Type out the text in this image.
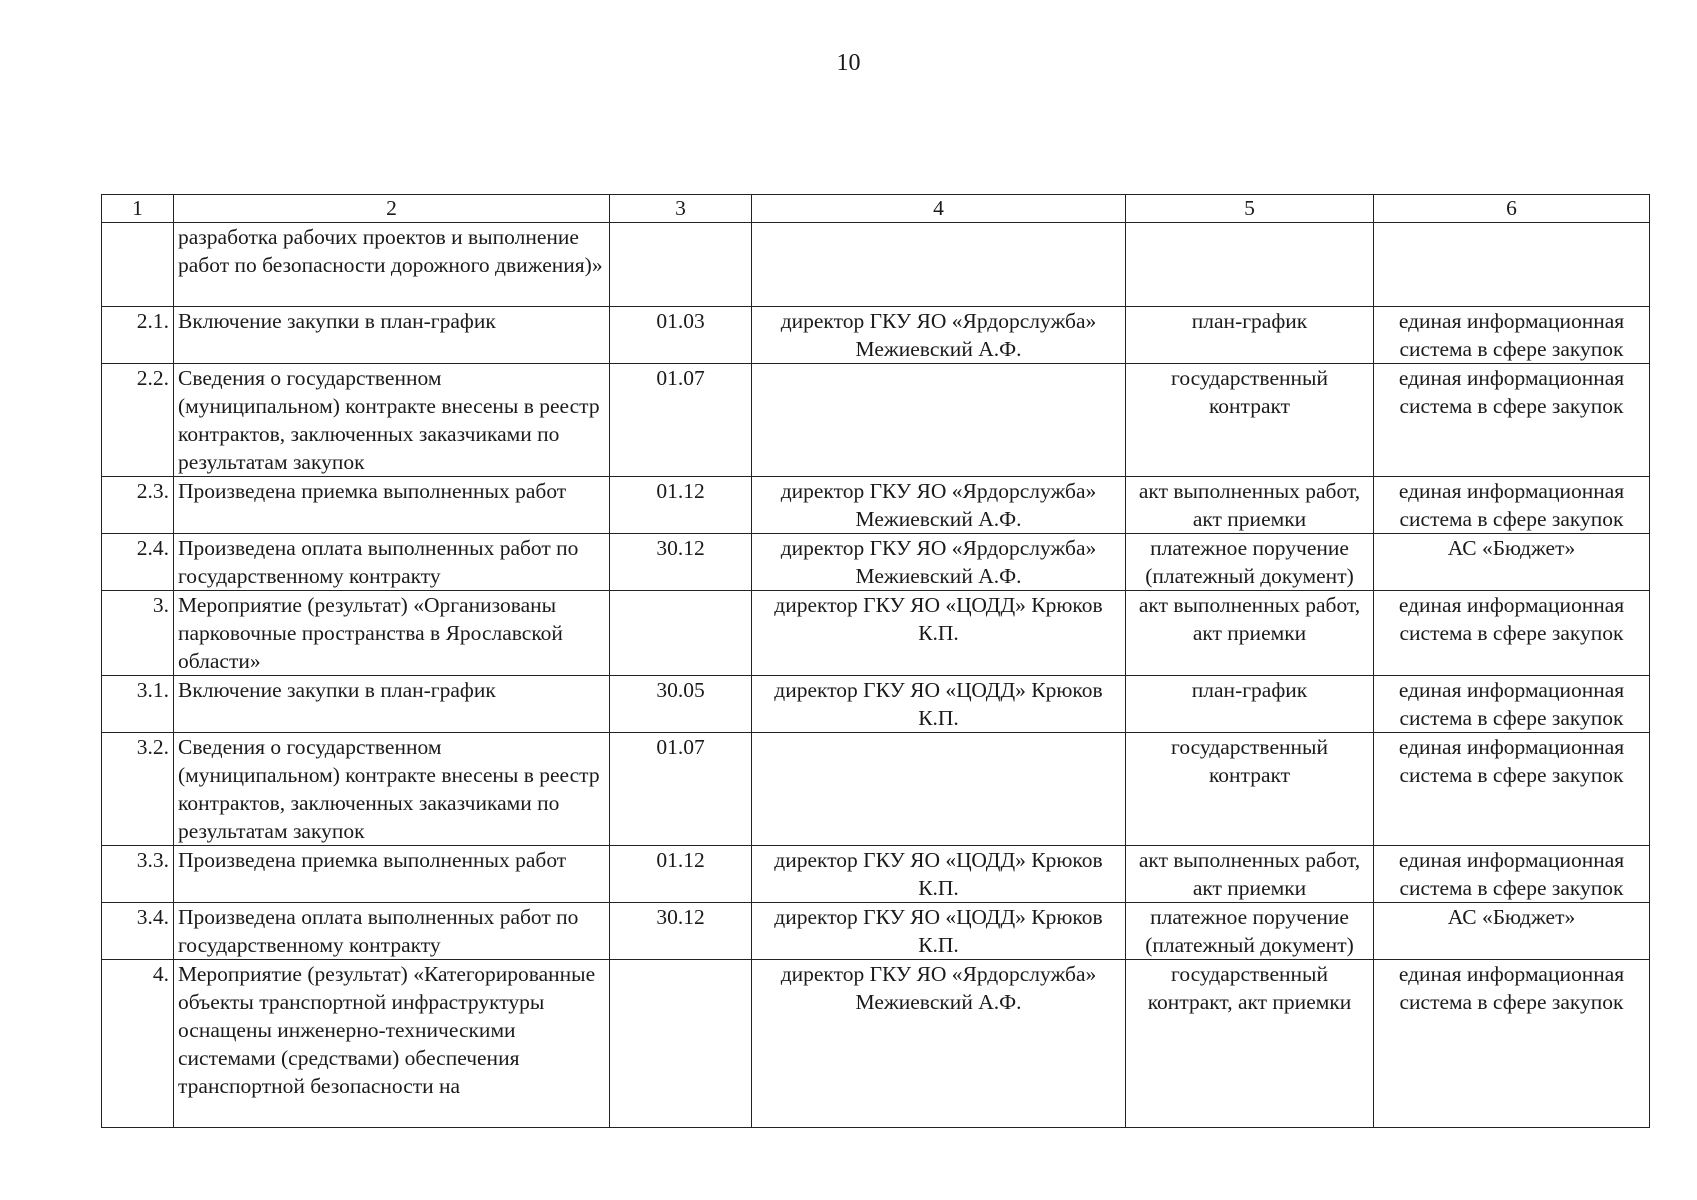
10
1	2	3	4	5	6
	разработка рабочих проектов и выполнение работ по безопасности дорожного движения)»				
2.1.	Включение закупки в план-график	01.03	директор ГКУ ЯО «Ярдорслужба» Межиевский А.Ф.	план-график	единая информационная система в сфере закупок
2.2.	Сведения о государственном (муниципальном) контракте внесены в реестр контрактов, заключенных заказчиками по результатам закупок	01.07		государственный контракт	единая информационная система в сфере закупок
2.3.	Произведена приемка выполненных работ	01.12	директор ГКУ ЯО «Ярдорслужба» Межиевский А.Ф.	акт выполненных работ, акт приемки	единая информационная система в сфере закупок
2.4.	Произведена оплата выполненных работ по государственному контракту	30.12	директор ГКУ ЯО «Ярдорслужба» Межиевский А.Ф.	платежное поручение (платежный документ)	АС «Бюджет»
3.	Мероприятие (результат) «Организованы парковочные пространства в Ярославской области»		директор ГКУ ЯО «ЦОДД» Крюков К.П.	акт выполненных работ, акт приемки	единая информационная система в сфере закупок
3.1.	Включение закупки в план-график	30.05	директор ГКУ ЯО «ЦОДД» Крюков К.П.	план-график	единая информационная система в сфере закупок
3.2.	Сведения о государственном (муниципальном) контракте внесены в реестр контрактов, заключенных заказчиками по результатам закупок	01.07		государственный контракт	единая информационная система в сфере закупок
3.3.	Произведена приемка выполненных работ	01.12	директор ГКУ ЯО «ЦОДД» Крюков К.П.	акт выполненных работ, акт приемки	единая информационная система в сфере закупок
3.4.	Произведена оплата выполненных работ по государственному контракту	30.12	директор ГКУ ЯО «ЦОДД» Крюков К.П.	платежное поручение (платежный документ)	АС «Бюджет»
4.	Мероприятие (результат) «Категорированные объекты транспортной инфраструктуры оснащены инженерно-техническими системами (средствами) обеспечения транспортной безопасности на		директор ГКУ ЯО «Ярдорслужба» Межиевский А.Ф.	государственный контракт, акт приемки	единая информационная система в сфере закупок
